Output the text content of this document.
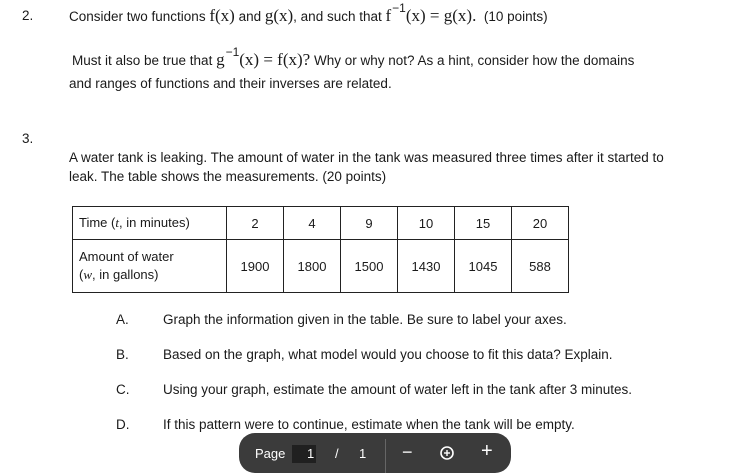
2.	Consider two functions f(x) and g(x), and such that f−1(x) = g(x). (10 points)
Must it also be true that g−1(x) = f(x)? Why or why not? As a hint, consider how the domains
and ranges of functions and their inverses are related.
3.
A water tank is leaking. The amount of water in the tank was measured three times after it started to
leak. The table shows the measurements. (20 points)
Time (t, in minutes)	2	4	9	10	15	20

Amount of water
(w, in gallons)	1900	1800	1500	1430	1045	588
A.	Graph the information given in the table. Be sure to label your axes.
B.	Based on the graph, what model would you choose to fit this data? Explain.
C. Using your graph, estimate the amount of water left in the tank after 3 minutes.
D. If this pattern were to continue, estimate when the tank will be empty.
Page 1 / 1 −	+
